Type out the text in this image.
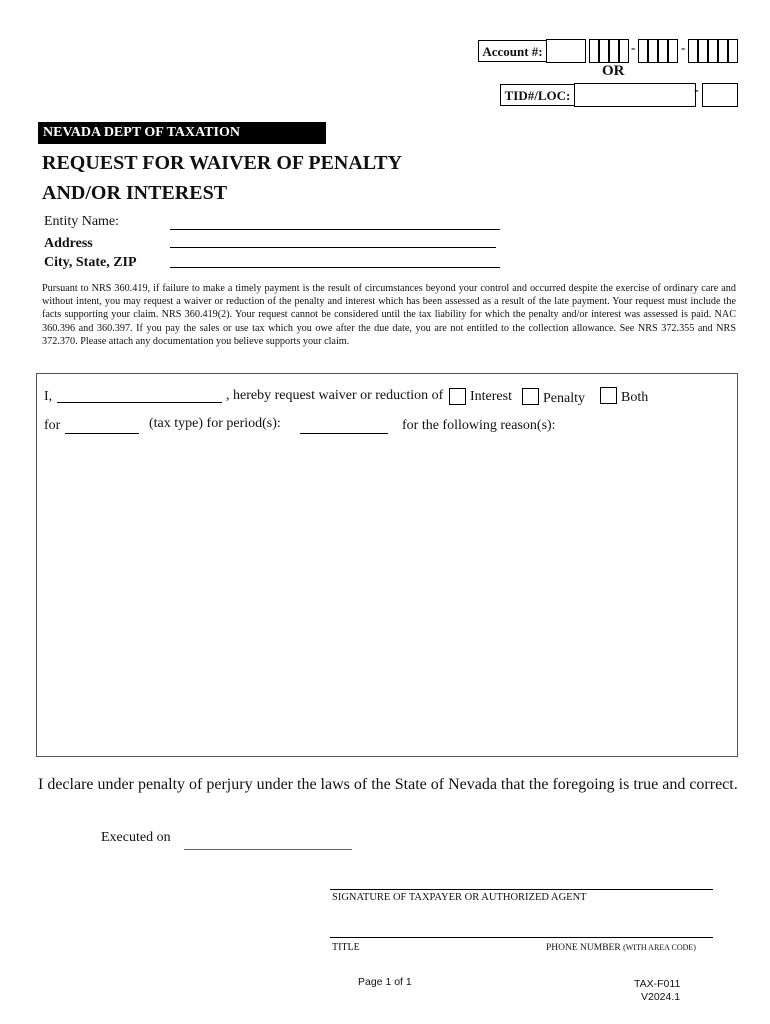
Account #:	-	-
OR
TID#/LOC:	-
NEVADA DEPT OF TAXATION
REQUEST FOR WAIVER OF PENALTY
AND/OR INTEREST
Entity Name:
Address
City, State, ZIP
Pursuant to NRS 360.419, if failure to make a timely payment is the result of circumstances beyond your control and occurred despite the exercise of ordinary care and without intent, you may request a waiver or reduction of the penalty and interest which has been assessed as a result of the late payment. Your request must include the facts supporting your claim. NRS 360.419(2). Your request cannot be considered until the tax liability for which the penalty and/or interest was assessed is paid. NAC 360.396 and 360.397. If you pay the sales or use tax which you owe after the due date, you are not entitled to the collection allowance. See NRS 372.355 and NRS 372.370. Please attach any documentation you believe supports your claim.
I,	, hereby request waiver or reduction of Interest Penalty	Both
for	(tax type) for period(s):	for the following reason(s):
I declare under penalty of perjury under the laws of the State of Nevada that the foregoing is true and correct.
Executed on
SIGNATURE OF TAXPAYER OR AUTHORIZED AGENT
TITLE	PHONE NUMBER (WITH AREA CODE)
Page 1 of 1	TAX-F011
V2024.1
